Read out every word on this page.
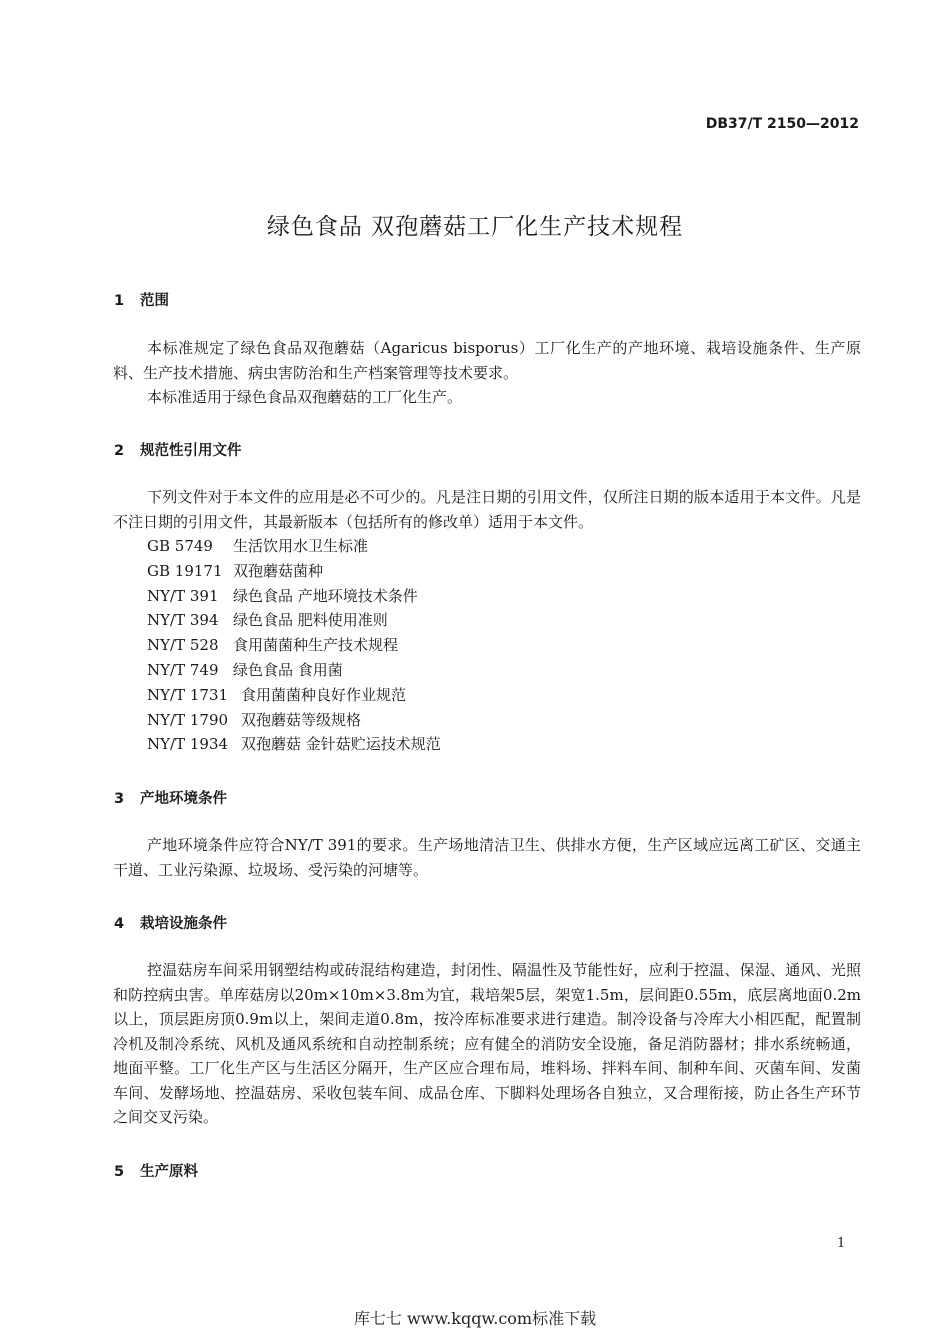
DB37/T 2150—2012
绿色食品 双孢蘑菇工厂化生产技术规程
1 范围
本标准规定了绿色食品双孢蘑菇（Agaricus bisporus）工厂化生产的产地环境、栽培设施条件、生产原料、生产技术措施、病虫害防治和生产档案管理等技术要求。
本标准适用于绿色食品双孢蘑菇的工厂化生产。
2 规范性引用文件
下列文件对于本文件的应用是必不可少的。凡是注日期的引用文件，仅所注日期的版本适用于本文件。凡是不注日期的引用文件，其最新版本（包括所有的修改单）适用于本文件。
GB 5749 生活饮用水卫生标准
GB 19171 双孢蘑菇菌种
NY/T 391 绿色食品 产地环境技术条件
NY/T 394 绿色食品 肥料使用准则
NY/T 528 食用菌菌种生产技术规程
NY/T 749 绿色食品 食用菌
NY/T 1731 食用菌菌种良好作业规范
NY/T 1790 双孢蘑菇等级规格
NY/T 1934 双孢蘑菇 金针菇贮运技术规范
3 产地环境条件
产地环境条件应符合NY/T 391的要求。生产场地清洁卫生、供排水方便，生产区域应远离工矿区、交通主干道、工业污染源、垃圾场、受污染的河塘等。
4 栽培设施条件
控温菇房车间采用钢塑结构或砖混结构建造，封闭性、隔温性及节能性好，应利于控温、保湿、通风、光照和防控病虫害。单库菇房以20m×10m×3.8m为宜，栽培架5层，架宽1.5m，层间距0.55m，底层离地面0.2m以上，顶层距房顶0.9m以上，架间走道0.8m，按冷库标准要求进行建造。制冷设备与冷库大小相匹配，配置制冷机及制冷系统、风机及通风系统和自动控制系统；应有健全的消防安全设施，备足消防器材；排水系统畅通，地面平整。工厂化生产区与生活区分隔开，生产区应合理布局，堆料场、拌料车间、制种车间、灭菌车间、发菌车间、发酵场地、控温菇房、采收包装车间、成品仓库、下脚料处理场各自独立，又合理衔接，防止各生产环节之间交叉污染。
5 生产原料
1
库七七 www.kqqw.com标准下载
